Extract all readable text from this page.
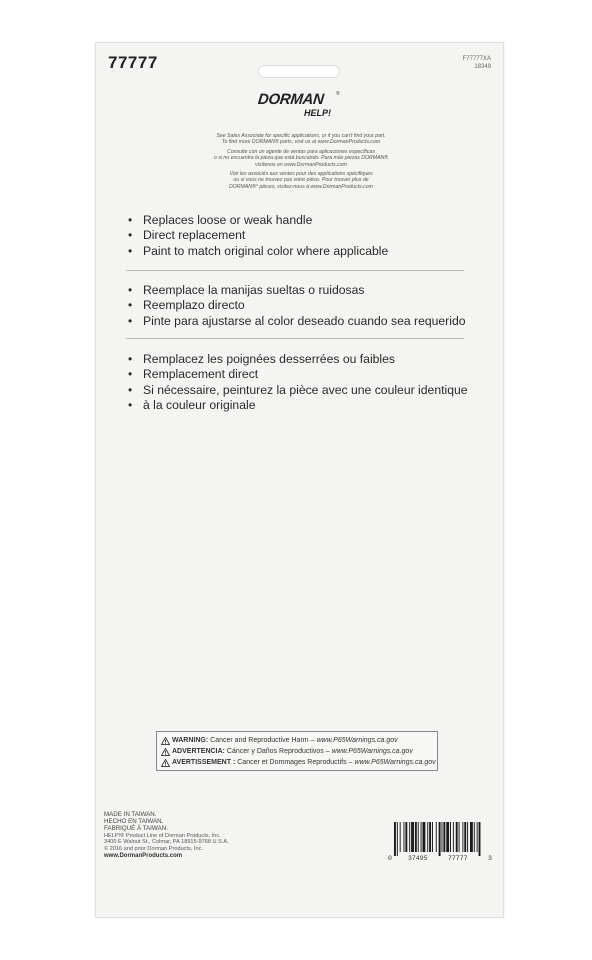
77777	F77777XA
18349
DORMAN ®
HELP!
See Sales Associate for specific applications, or if you can't find your part.
To find more DORMAN® parts, visit us at www.DormanProducts.com
Consulte con un agente de ventas para aplicaciones específicas
o si no encuentra la pieza que está buscando. Para más piezas DORMAN®
visítenos en www.DormanProducts.com
Voir les associés aux ventes pour des applications spécifiques
ou si vous ne trouvez pas votre pièce. Pour trouver plus de
DORMAN®° pièces, visitez-nous à www.DormanProducts.com
• Replaces loose or weak handle
• Direct replacement
• Paint to match original color where applicable
• Reemplace la manijas sueltas o ruidosas
• Reemplazo directo
• Pinte para ajustarse al color deseado cuando sea requerido
• Remplacez les poignées desserrées ou faibles
• Remplacement direct
• Si nécessaire, peinturez la pièce avec une couleur identique
• à la couleur originale
WARNING: Cancer and Reproductive Harm – www.P65Warnings.ca.gov
ADVERTENCIA: Cáncer y Daños Reproductivos – www.P65Warnings.ca.gov
AVERTISSEMENT : Cancer et Dommages Reproductifs – www.P65Warnings.ca.gov
MADE IN TAIWAN.
HECHO EN TAIWAN.
FABRIQUÉ À TAIWAN.
HELP!® Product Line of Dorman Products, Inc.
3400 E Walnut St., Colmar, PA 18915-9768 U.S.A.
© 2016 and prior Dorman Products, Inc.
www.DormanProducts.com	0 37495	77777	3
